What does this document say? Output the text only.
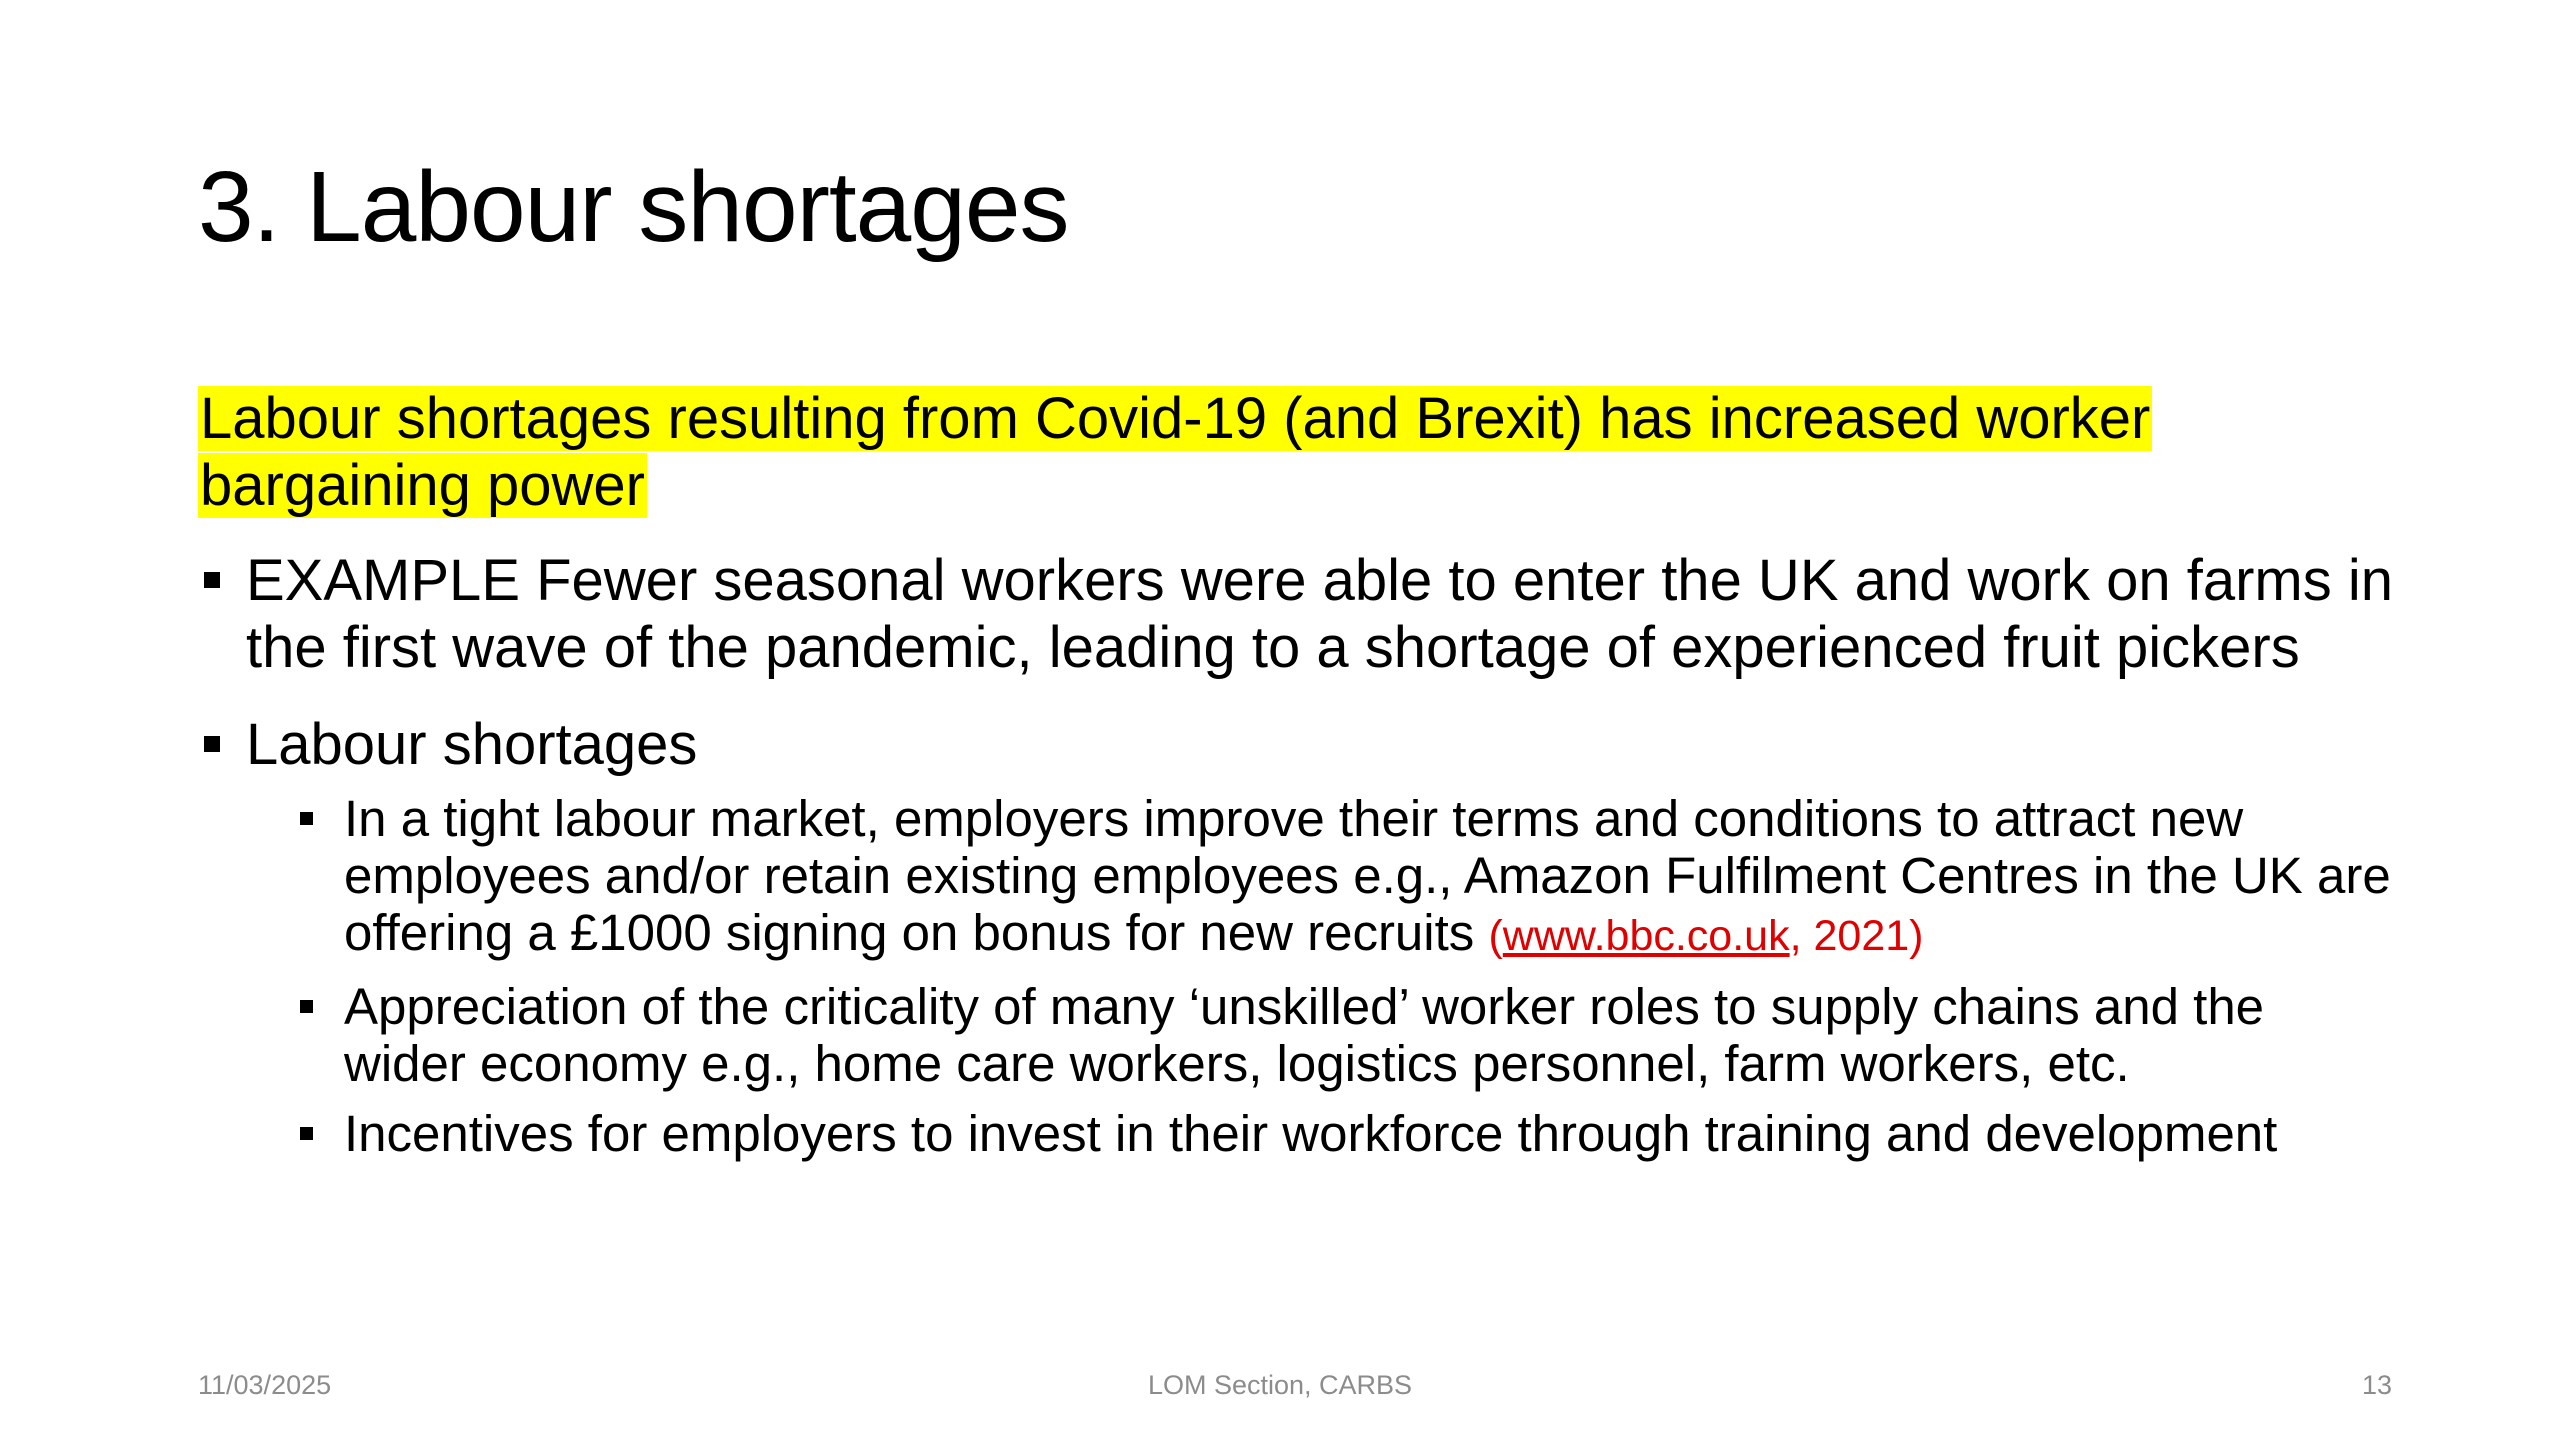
3. Labour shortages

Labour shortages resulting from Covid-19 (and Brexit) has increased worker bargaining power

EXAMPLE Fewer seasonal workers were able to enter the UK and work on farms in the first wave of the pandemic, leading to a shortage of experienced fruit pickers
Labour shortages
In a tight labour market, employers improve their terms and conditions to attract new employees and/or retain existing employees e.g., Amazon Fulfilment Centres in the UK are offering a £1000 signing on bonus for new recruits (www.bbc.co.uk, 2021)
Appreciation of the criticality of many ‘unskilled’ worker roles to supply chains and the wider economy e.g., home care workers, logistics personnel, farm workers, etc.
Incentives for employers to invest in their workforce through training and development
11/03/2025	LOM Section, CARBS	13
